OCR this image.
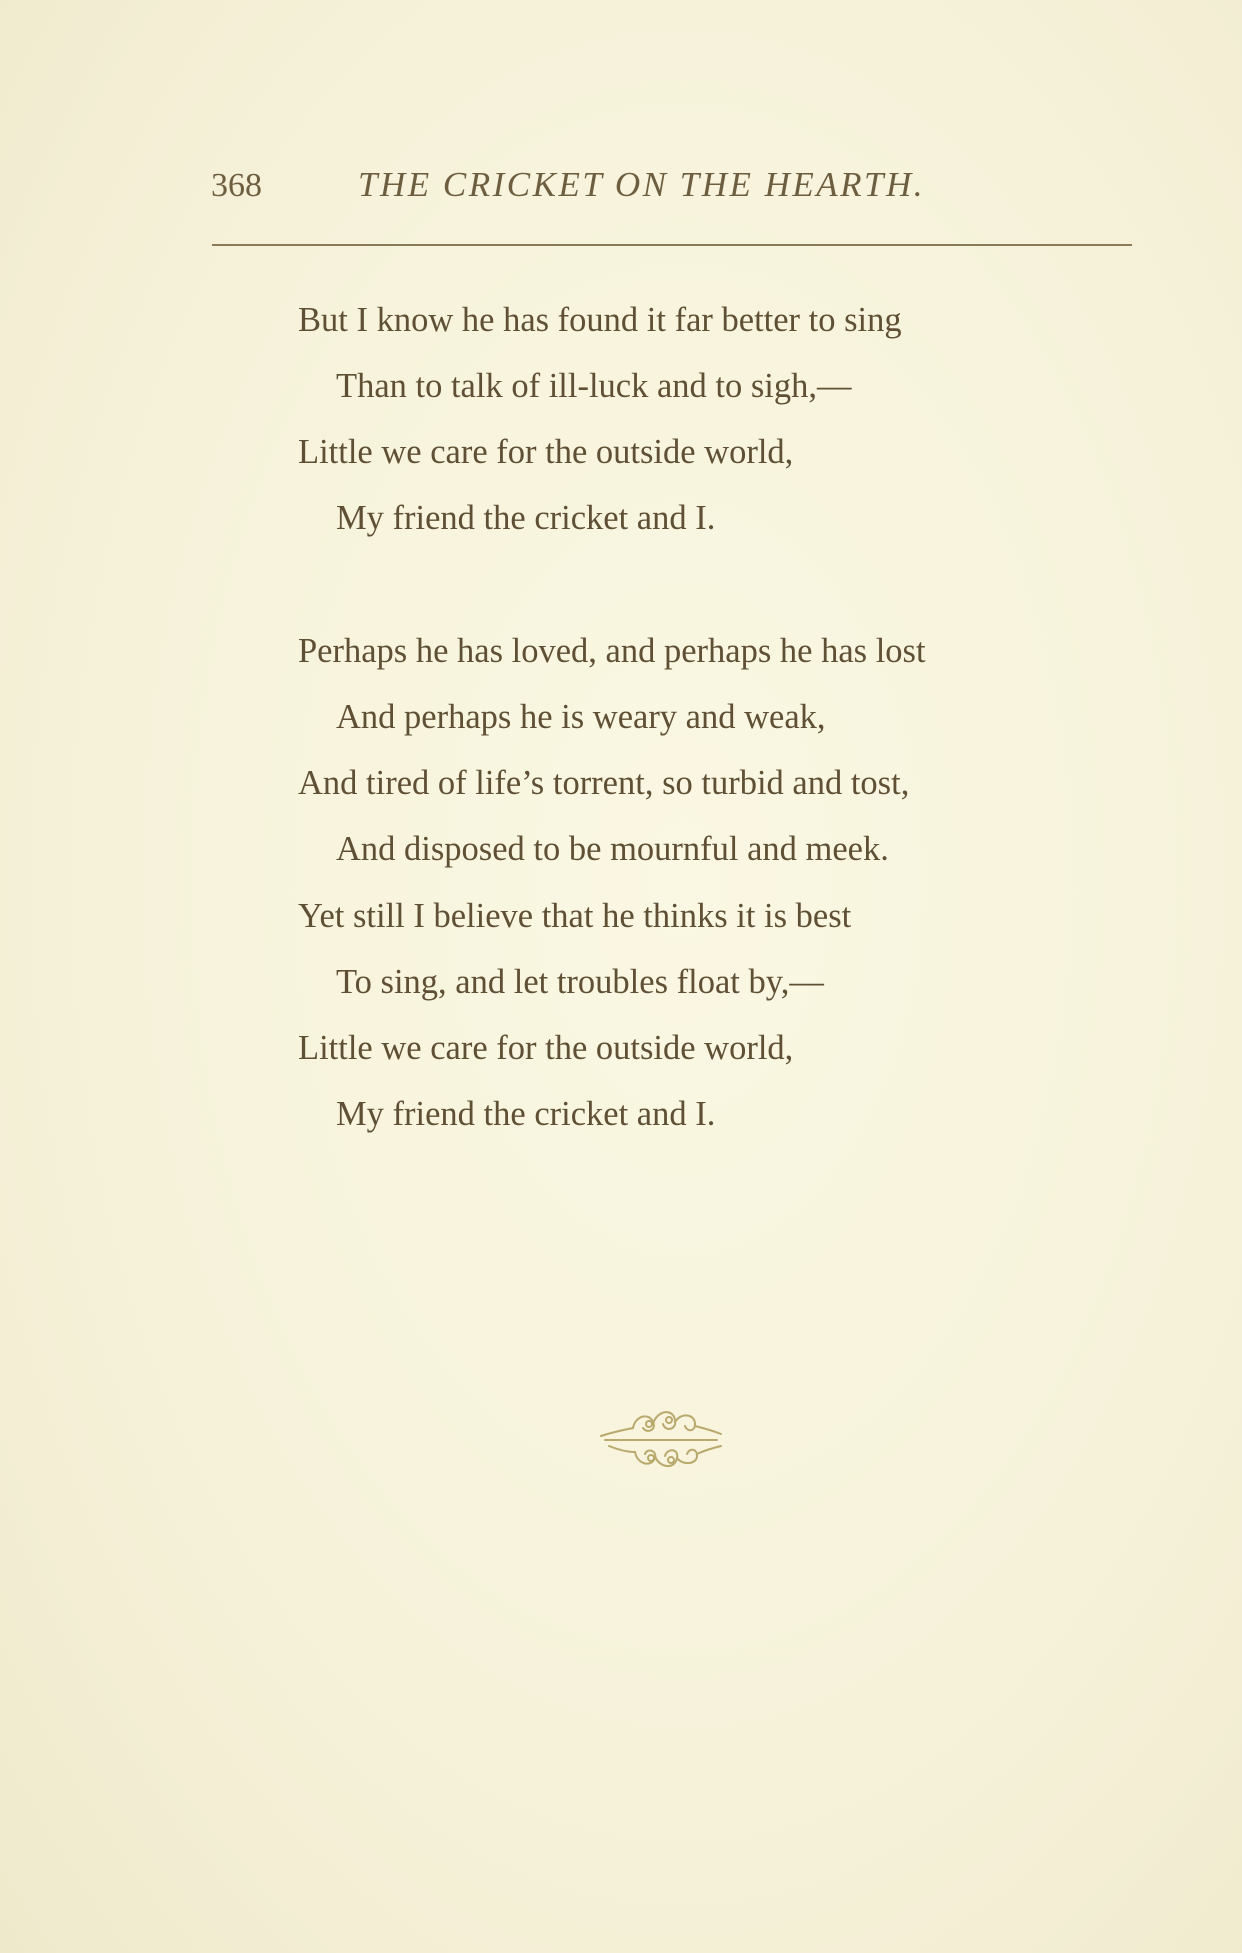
368	THE CRICKET ON THE HEARTH.
But I know he has found it far better to sing
Than to talk of ill-luck and to sigh,—
Little we care for the outside world,
My friend the cricket and I.
Perhaps he has loved, and perhaps he has lost
And perhaps he is weary and weak,
And tired of life’s torrent, so turbid and tost,
And disposed to be mournful and meek.
Yet still I believe that he thinks it is best
To sing, and let troubles float by,—
Little we care for the outside world,
My friend the cricket and I.
